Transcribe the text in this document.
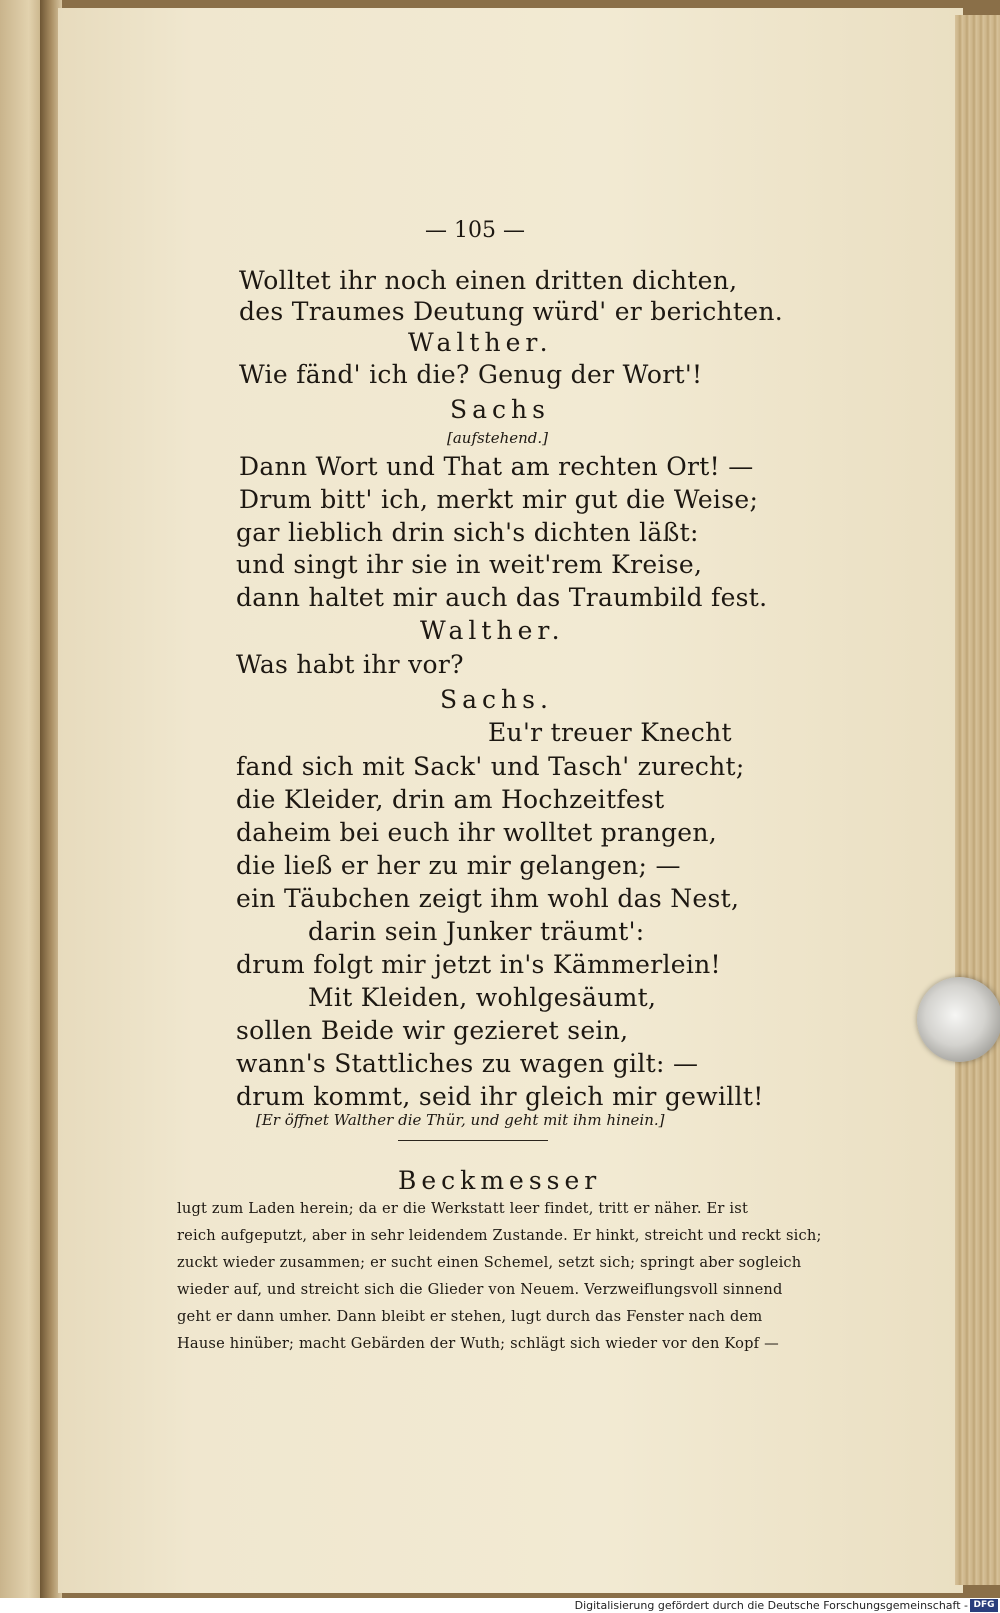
— 105 —
Wolltet ihr noch einen dritten dichten,
des Traumes Deutung würd' er berichten.
Walther.
Wie fänd' ich die? Genug der Wort'!
Sachs
[aufstehend.]
Dann Wort und That am rechten Ort! —
Drum bitt' ich, merkt mir gut die Weise;
gar lieblich drin sich's dichten läßt:
und singt ihr sie in weit'rem Kreise,
dann haltet mir auch das Traumbild fest.
Walther.
Was habt ihr vor?
Sachs.
Eu'r treuer Knecht
fand sich mit Sack' und Tasch' zurecht;
die Kleider, drin am Hochzeitfest
daheim bei euch ihr wolltet prangen,
die ließ er her zu mir gelangen; —
ein Täubchen zeigt ihm wohl das Nest,
darin sein Junker träumt':
drum folgt mir jetzt in's Kämmerlein!
Mit Kleiden, wohlgesäumt,
sollen Beide wir gezieret sein,
wann's Stattliches zu wagen gilt: —
drum kommt, seid ihr gleich mir gewillt!
[Er öffnet Walther die Thür, und geht mit ihm hinein.]
Beckmesser
lugt zum Laden herein; da er die Werkstatt leer findet, tritt er näher. Er ist
reich aufgeputzt, aber in sehr leidendem Zustande. Er hinkt, streicht und reckt sich;
zuckt wieder zusammen; er sucht einen Schemel, setzt sich; springt aber sogleich
wieder auf, und streicht sich die Glieder von Neuem. Verzweiflungsvoll sinnend
geht er dann umher. Dann bleibt er stehen, lugt durch das Fenster nach dem
Hause hinüber; macht Gebärden der Wuth; schlägt sich wieder vor den Kopf —
Digitalisierung gefördert durch die Deutsche Forschungsgemeinschaft - DFG
